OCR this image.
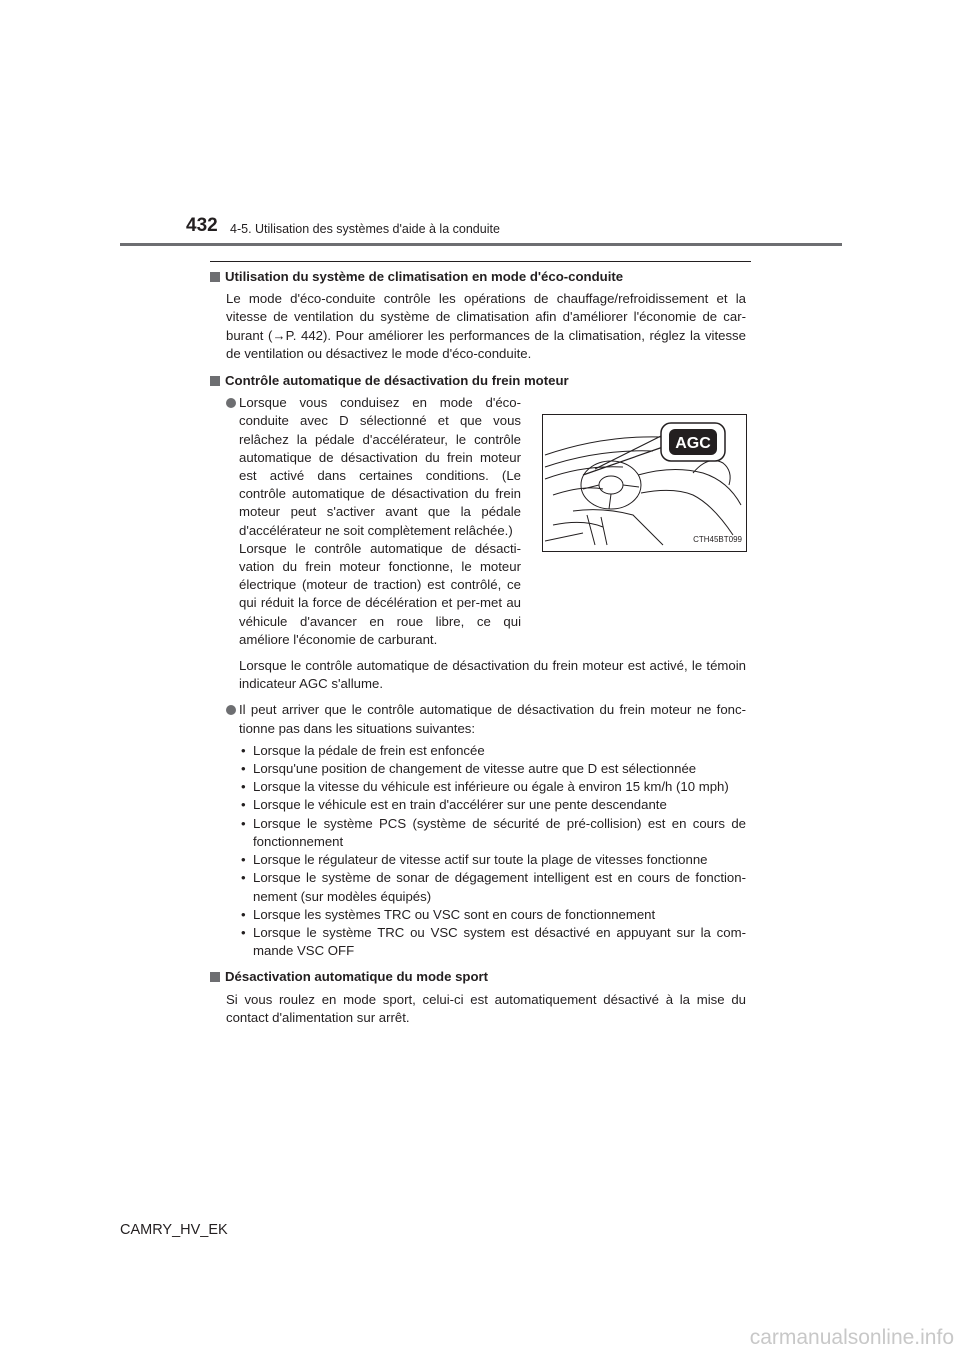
432 4-5. Utilisation des systèmes d'aide à la conduite
Utilisation du système de climatisation en mode d'éco-conduite

Le mode d'éco-conduite contrôle les opérations de chauffage/refroidissement et la vitesse de ventilation du système de climatisation afin d'améliorer l'économie de car-burant (→P. 442). Pour améliorer les performances de la climatisation, réglez la vitesse de ventilation ou désactivez le mode d'éco-conduite.

Contrôle automatique de désactivation du frein moteur
Lorsque vous conduisez en mode d'éco-conduite avec D sélectionné et que vous relâchez la pédale d'accélérateur, le contrôle automatique de désactivation du frein moteur est activé dans certaines conditions. (Le contrôle automatique de désactivation du frein moteur peut s'activer avant que la pédale d'accélérateur ne soit complètement relâchée.)
Lorsque le contrôle automatique de désacti-vation du frein moteur fonctionne, le moteur électrique (moteur de traction) est contrôlé, ce qui réduit la force de décélération et per-met au véhicule d'avancer en roue libre, ce qui améliore l'économie de carburant.
AGC
CTH45BT099

Lorsque le contrôle automatique de désactivation du frein moteur est activé, le témoin indicateur AGC s'allume.

Il peut arriver que le contrôle automatique de désactivation du frein moteur ne fonc-tionne pas dans les situations suivantes:
• Lorsque la pédale de frein est enfoncée
• Lorsqu'une position de changement de vitesse autre que D est sélectionnée
• Lorsque la vitesse du véhicule est inférieure ou égale à environ 15 km/h (10 mph)
• Lorsque le véhicule est en train d'accélérer sur une pente descendante
• Lorsque le système PCS (système de sécurité de pré-collision) est en cours de fonctionnement
• Lorsque le régulateur de vitesse actif sur toute la plage de vitesses fonctionne
• Lorsque le système de sonar de dégagement intelligent est en cours de fonction-nement (sur modèles équipés)
• Lorsque les systèmes TRC ou VSC sont en cours de fonctionnement
• Lorsque le système TRC ou VSC system est désactivé en appuyant sur la com-mande VSC OFF
Désactivation automatique du mode sport

Si vous roulez en mode sport, celui-ci est automatiquement désactivé à la mise du contact d'alimentation sur arrêt.

CAMRY_HV_EK
carmanualsonline.info
